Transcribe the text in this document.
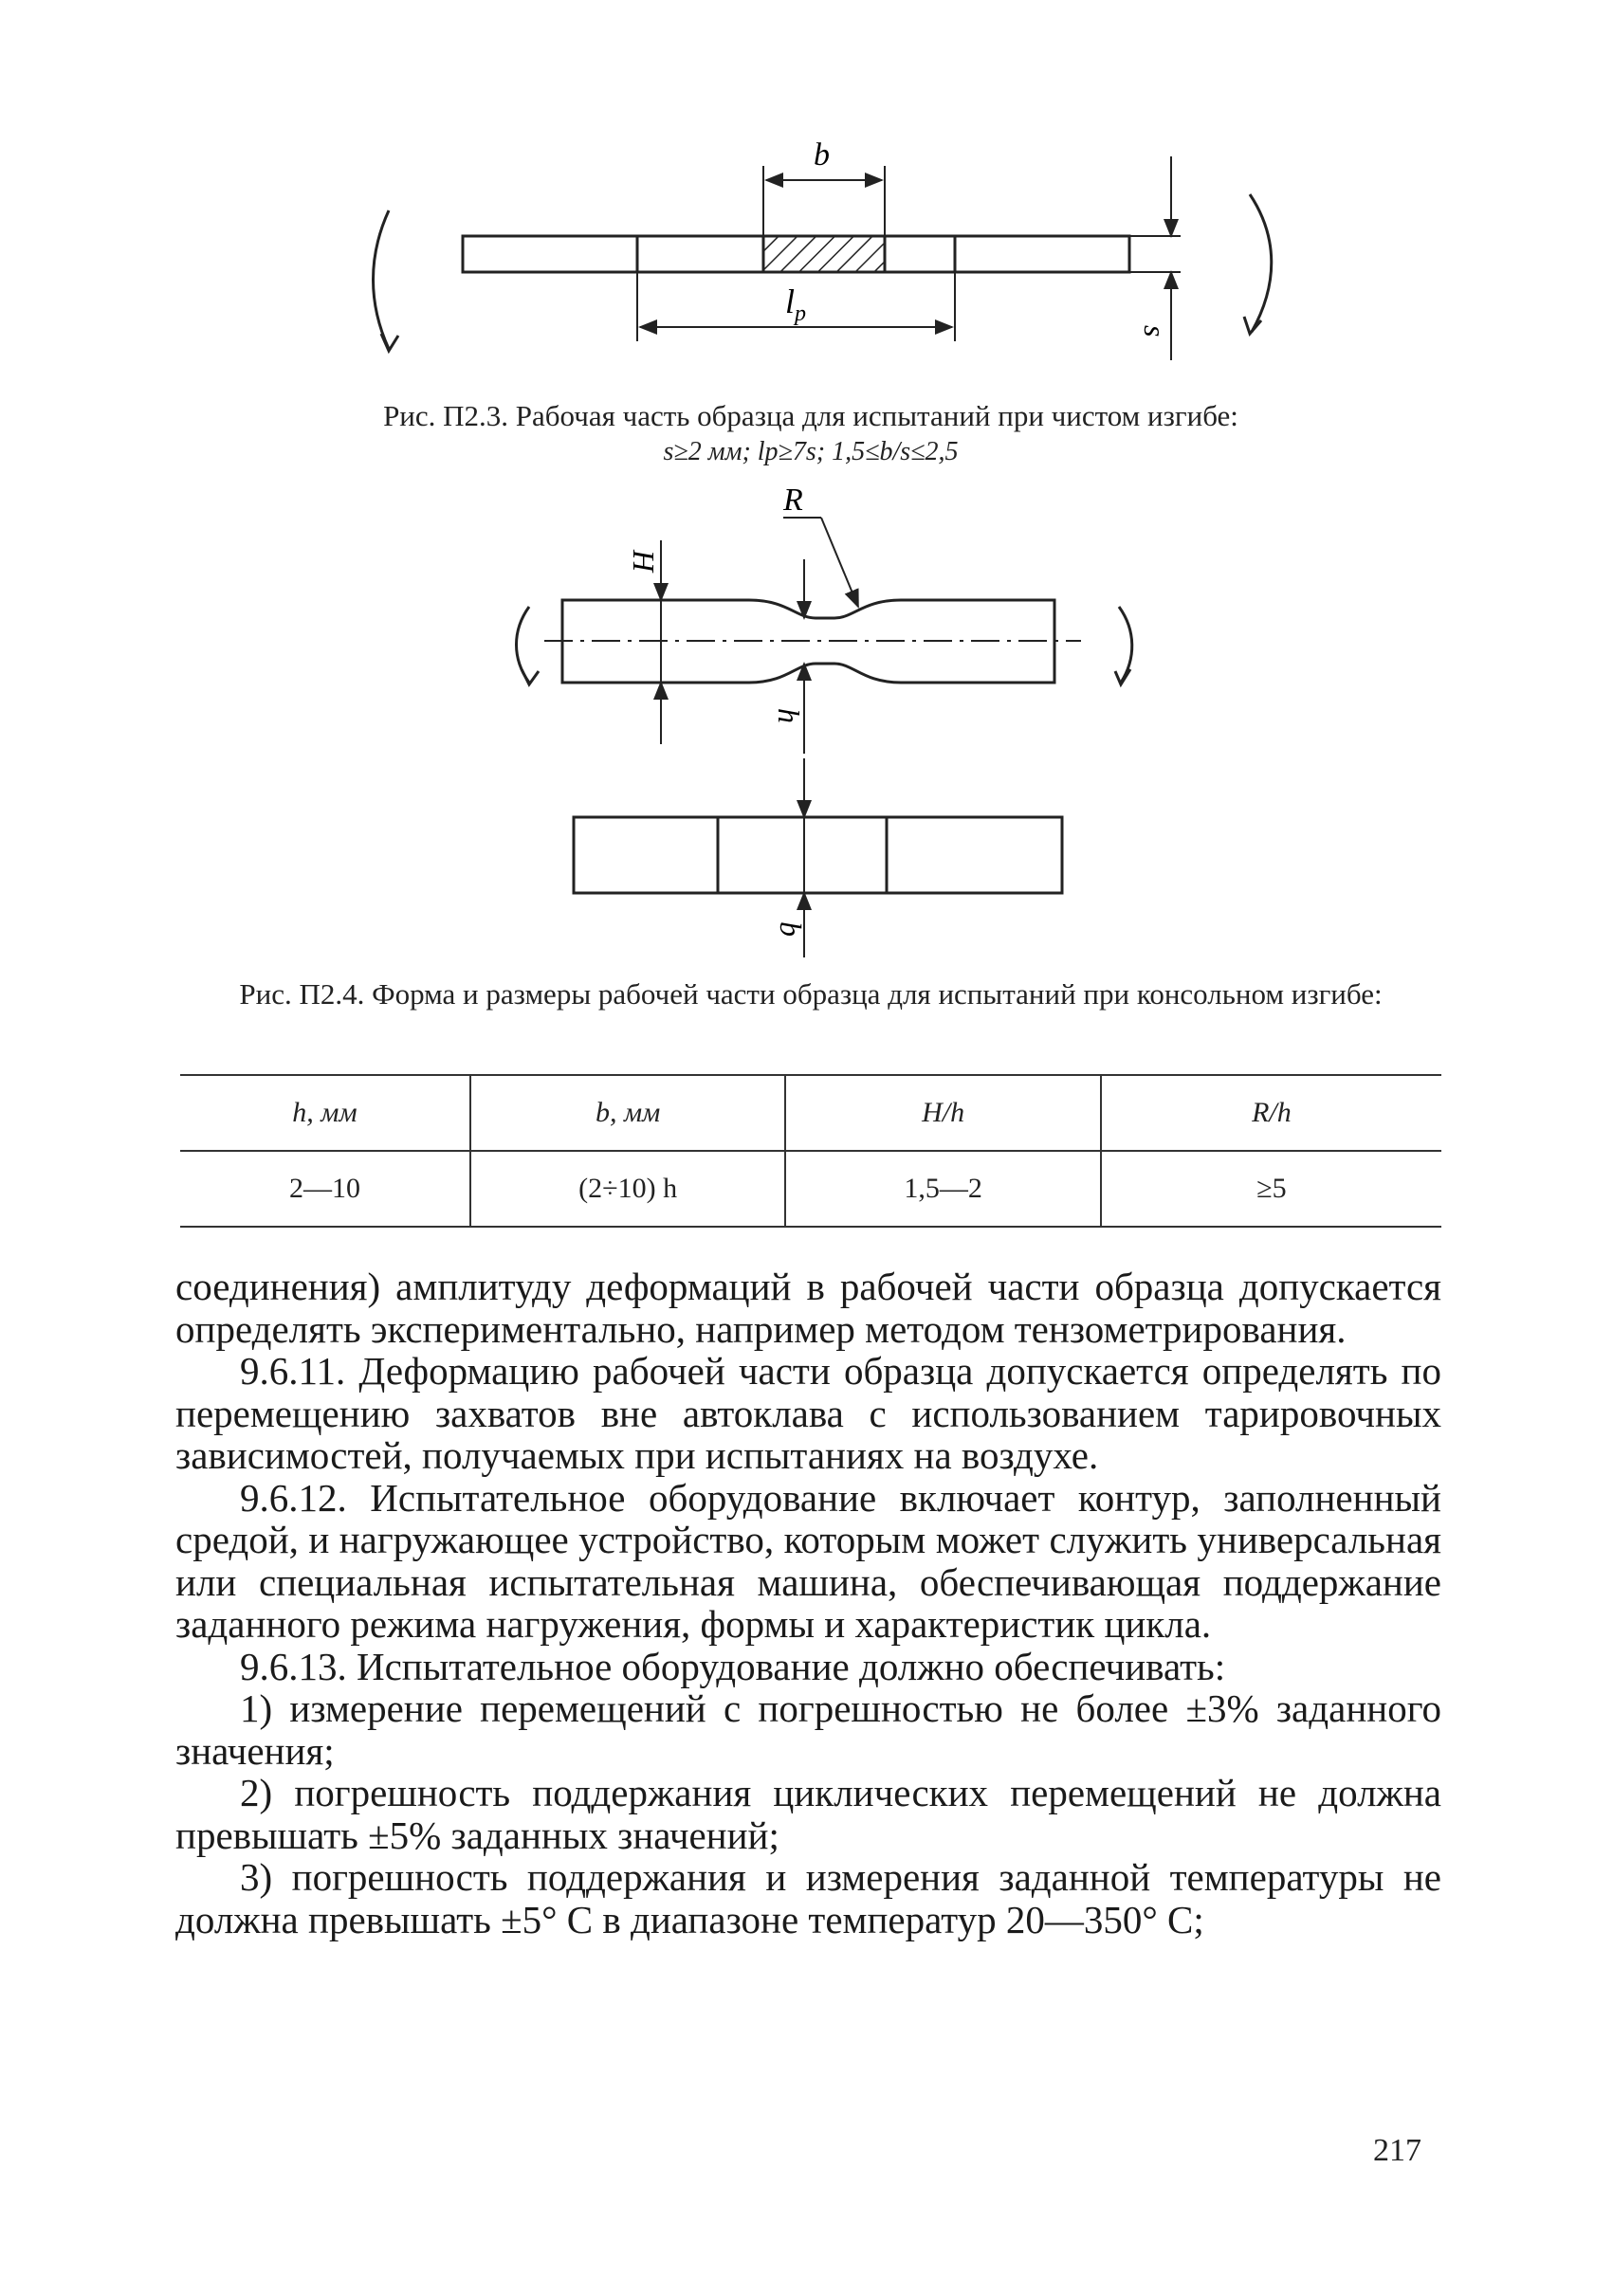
b
$l_p$
s
Рис. П2.3. Рабочая часть образца для испытаний при чистом изгибе:
s≥2 мм; lp≥7s; 1,5≤b/s≤2,5
R
H
h
b
Рис. П2.4. Форма и размеры рабочей части образца для испытаний при консольном изгибе:
h, мм	b, мм	H/h	R/h
2—10	(2÷10) h	1,5—2	≥5

соединения) амплитуду деформаций в рабочей части образца допускается определять экспериментально, например методом тензометрирования.

9.6.11. Деформацию рабочей части образца допускается определять по перемещению захватов вне автоклава с использованием тарировочных зависимостей, получаемых при испытаниях на воздухе.

9.6.12. Испытательное оборудование включает контур, заполненный средой, и нагружающее устройство, которым может служить универсальная или специальная испытательная машина, обеспечивающая поддержание заданного режима нагружения, формы и характеристик цикла.

9.6.13. Испытательное оборудование должно обеспечивать:

1) измерение перемещений с погрешностью не более ±3% заданного значения;

2) погрешность поддержания циклических перемещений не должна превышать ±5% заданных значений;

3) погрешность поддержания и измерения заданной температуры не должна превышать ±5° С в диапазоне температур 20—350° С;

217
